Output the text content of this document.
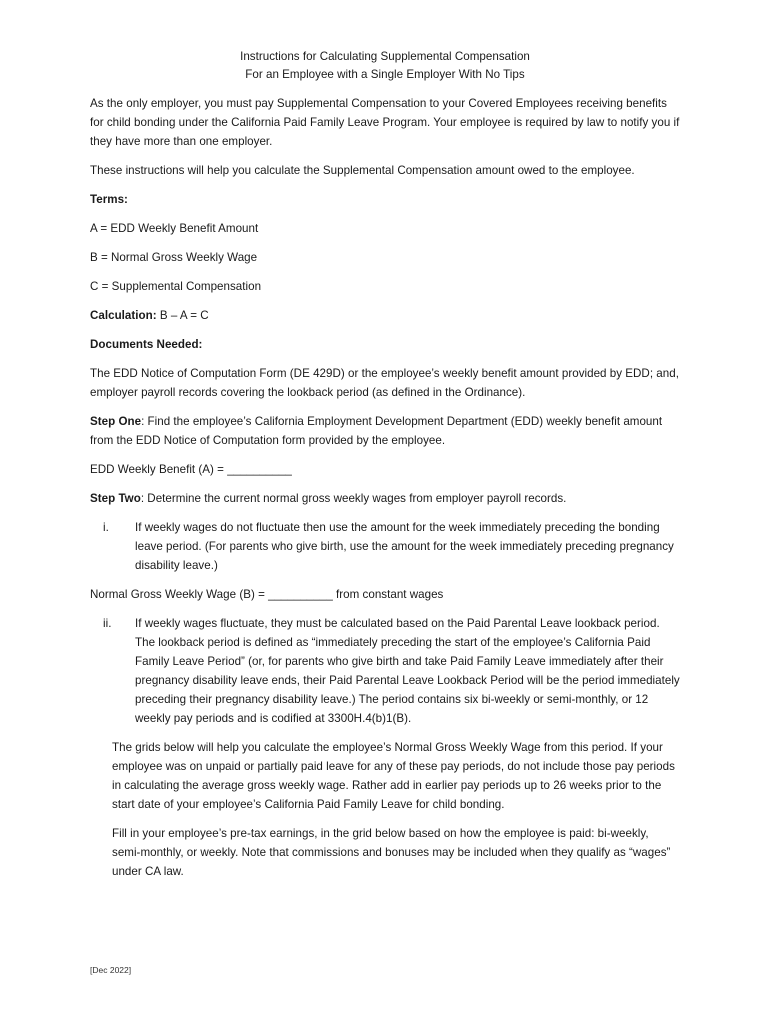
Instructions for Calculating Supplemental Compensation
For an Employee with a Single Employer With No Tips

As the only employer, you must pay Supplemental Compensation to your Covered Employees receiving benefits for child bonding under the California Paid Family Leave Program. Your employee is required by law to notify you if they have more than one employer.

These instructions will help you calculate the Supplemental Compensation amount owed to the employee.

Terms:

A = EDD Weekly Benefit Amount

B = Normal Gross Weekly Wage

C = Supplemental Compensation

Calculation: B – A = C

Documents Needed:

The EDD Notice of Computation Form (DE 429D) or the employee’s weekly benefit amount provided by EDD; and, employer payroll records covering the lookback period (as defined in the Ordinance).

Step One: Find the employee’s California Employment Development Department (EDD) weekly benefit amount from the EDD Notice of Computation form provided by the employee.

EDD Weekly Benefit (A) = __________

Step Two: Determine the current normal gross weekly wages from employer payroll records.

i. If weekly wages do not fluctuate then use the amount for the week immediately preceding the bonding leave period. (For parents who give birth, use the amount for the week immediately preceding pregnancy disability leave.)

Normal Gross Weekly Wage (B) = __________ from constant wages

ii. If weekly wages fluctuate, they must be calculated based on the Paid Parental Leave lookback period. The lookback period is defined as “immediately preceding the start of the employee’s California Paid Family Leave Period” (or, for parents who give birth and take Paid Family Leave immediately after their pregnancy disability leave ends, their Paid Parental Leave Lookback Period will be the period immediately preceding their pregnancy disability leave.) The period contains six bi-weekly or semi-monthly, or 12 weekly pay periods and is codified at 3300H.4(b)1(B).

The grids below will help you calculate the employee’s Normal Gross Weekly Wage from this period. If your employee was on unpaid or partially paid leave for any of these pay periods, do not include those pay periods in calculating the average gross weekly wage. Rather add in earlier pay periods up to 26 weeks prior to the start date of your employee’s California Paid Family Leave for child bonding.

Fill in your employee’s pre-tax earnings, in the grid below based on how the employee is paid: bi-weekly, semi-monthly, or weekly. Note that commissions and bonuses may be included when they qualify as “wages” under CA law.

[Dec 2022]
